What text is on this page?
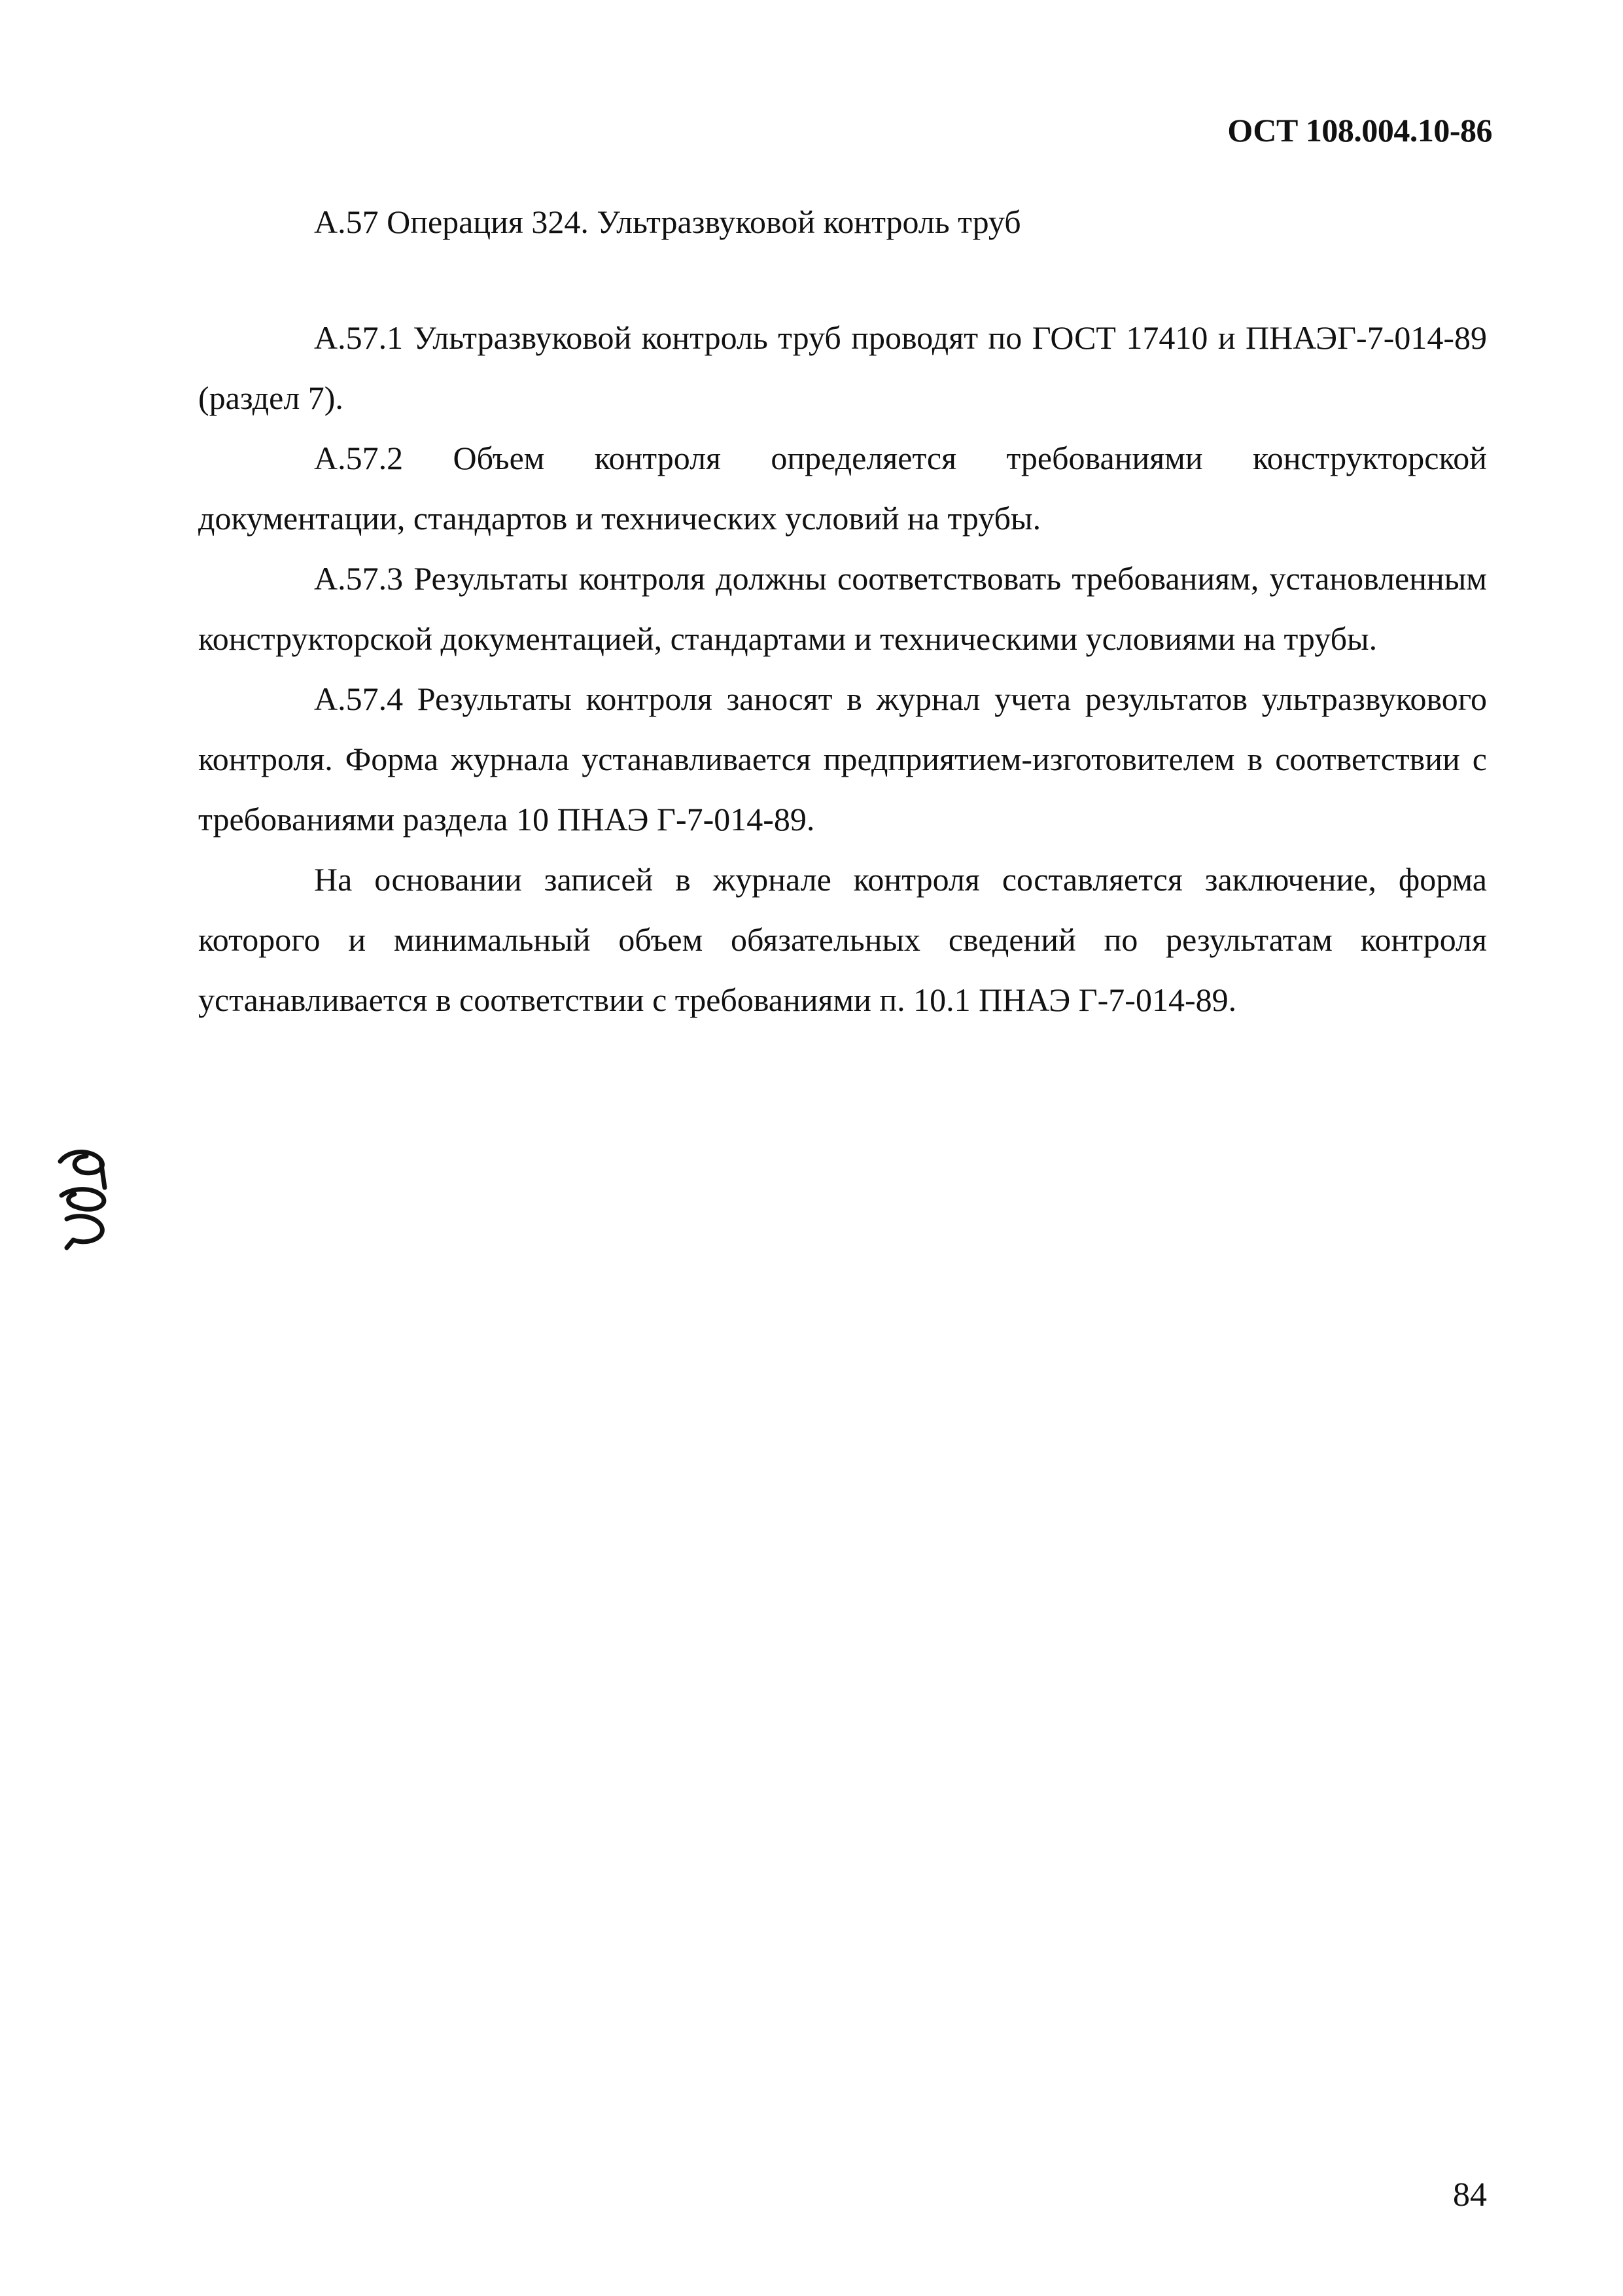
ОСТ 108.004.10-86
А.57 Операция 324. Ультразвуковой контроль труб

А.57.1 Ультразвуковой контроль труб проводят по ГОСТ 17410 и ПНАЭГ-7-014-89 (раздел 7).

А.57.2 Объем контроля определяется требованиями конструкторской документации, стандартов и технических условий на трубы.

А.57.3 Результаты контроля должны соответствовать требованиям, установленным конструкторской документацией, стандартами и техническими условиями на трубы.

А.57.4 Результаты контроля заносят в журнал учета результатов ультразвукового контроля. Форма журнала устанавливается предприятием-изготовителем в соответствии с требованиями раздела 10 ПНАЭ Г-7-014-89.

На основании записей в журнале контроля составляется заключение, форма которого и минимальный объем обязательных сведений по результатам контроля устанавливается в соответствии с требованиями п. 10.1 ПНАЭ Г-7-014-89.

84
